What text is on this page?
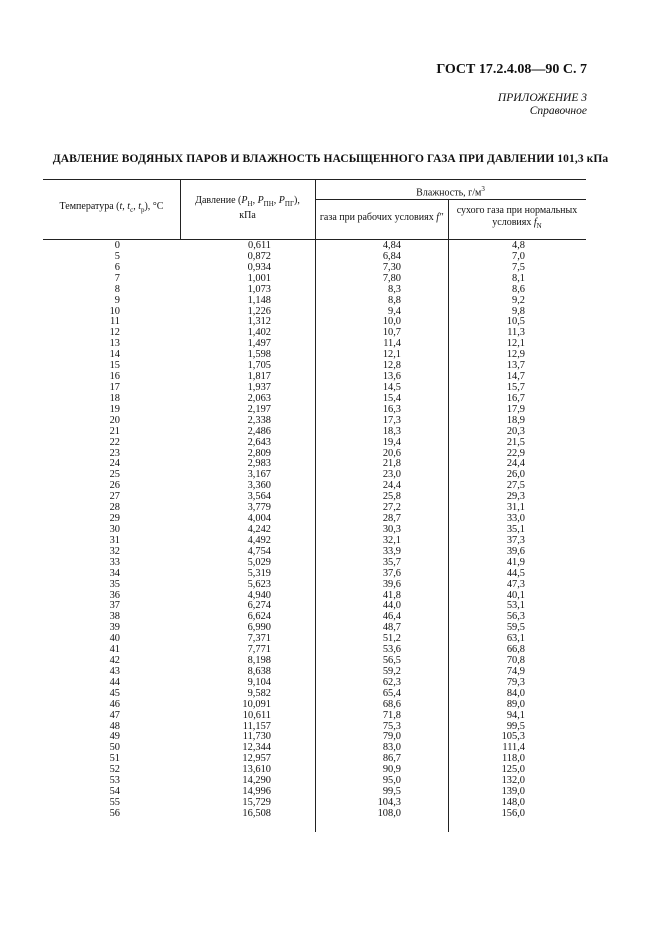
ГОСТ 17.2.4.08—90 С. 7
ПРИЛОЖЕНИЕ 3
Справочное
ДАВЛЕНИЕ ВОДЯНЫХ ПАРОВ И ВЛАЖНОСТЬ НАСЫЩЕННОГО ГАЗА ПРИ ДАВЛЕНИИ 101,3 кПа
Температура (t, $t_с$, $t_р$), °С
Давление ($P_Н$, $P_{ПН}$, $P_{ПГ}$),
кПа
Влажность, $г/м^3$
газа при рабочих условиях f″
сухого газа при нормальных
условиях $f_N$
0	0,611	4,84	4,8
5	0,872	6,84	7,0
6	0,934	7,30	7,5
7	1,001	7,80	8,1
8	1,073	8,3	8,6
9	1,148	8,8	9,2
10	1,226	9,4	9,8
11	1,312	10,0	10,5
12	1,402	10,7	11,3
13	1,497	11,4	12,1
14	1,598	12,1	12,9
15	1,705	12,8	13,7
16	1,817	13,6	14,7
17	1,937	14,5	15,7
18	2,063	15,4	16,7
19	2,197	16,3	17,9
20	2,338	17,3	18,9
21	2,486	18,3	20,3
22	2,643	19,4	21,5
23	2,809	20,6	22,9
24	2,983	21,8	24,4
25	3,167	23,0	26,0
26	3,360	24,4	27,5
27	3,564	25,8	29,3
28	3,779	27,2	31,1
29	4,004	28,7	33,0
30	4,242	30,3	35,1
31	4,492	32,1	37,3
32	4,754	33,9	39,6
33	5,029	35,7	41,9
34	5,319	37,6	44,5
35	5,623	39,6	47,3
36	4,940	41,8	40,1
37	6,274	44,0	53,1
38	6,624	46,4	56,3
39	6,990	48,7	59,5
40	7,371	51,2	63,1
41	7,771	53,6	66,8
42	8,198	56,5	70,8
43	8,638	59,2	74,9
44	9,104	62,3	79,3
45	9,582	65,4	84,0
46	10,091	68,6	89,0
47	10,611	71,8	94,1
48	11,157	75,3	99,5
49	11,730	79,0	105,3
50	12,344	83,0	111,4
51	12,957	86,7	118,0
52	13,610	90,9	125,0
53	14,290	95,0	132,0
54	14,996	99,5	139,0
55	15,729	104,3	148,0
56	16,508	108,0	156,0
